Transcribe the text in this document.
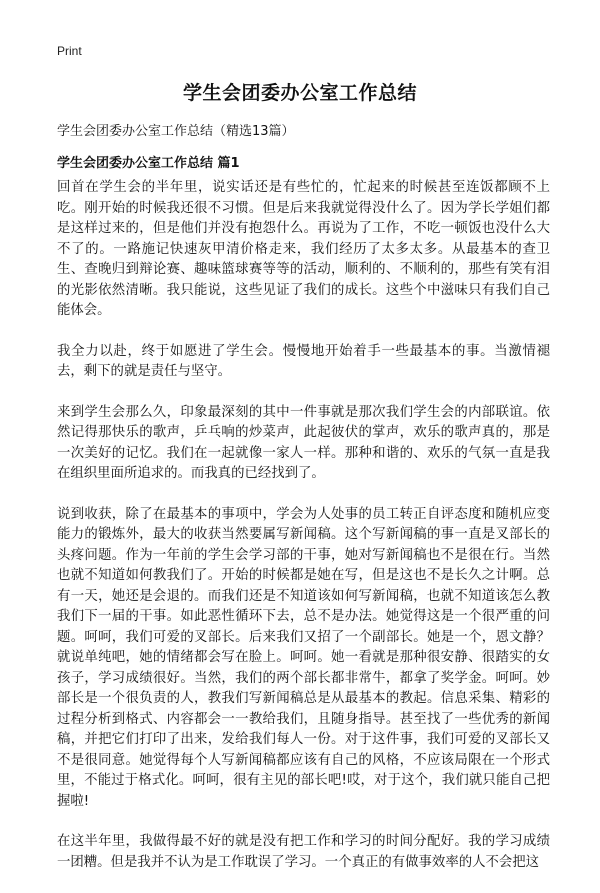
Print
学生会团委办公室工作总结
学生会团委办公室工作总结（精选13篇）
学生会团委办公室工作总结 篇1

回首在学生会的半年里，说实话还是有些忙的，忙起来的时候甚至连饭都顾不上吃。刚开始的时候我还很不习惯。但是后来我就觉得没什么了。因为学长学姐们都是这样过来的，但是他们并没有抱怨什么。再说为了工作，不吃一顿饭也没什么大不了的。一路施记快速灰甲清价格走来，我们经历了太多太多。从最基本的查卫生、查晚归到辩论赛、趣味篮球赛等等的活动，顺利的、不顺利的，那些有笑有泪的光影依然清晰。我只能说，这些见证了我们的成长。这些个中滋味只有我们自己能体会。

我全力以赴，终于如愿进了学生会。慢慢地开始着手一些最基本的事。当激情褪去，剩下的就是责任与坚守。

来到学生会那么久，印象最深刻的其中一件事就是那次我们学生会的内部联谊。依然记得那快乐的歌声，乒乓响的炒菜声，此起彼伏的掌声，欢乐的歌声真的，那是一次美好的记忆。我们在一起就像一家人一样。那种和谐的、欢乐的气氛一直是我在组织里面所追求的。而我真的已经找到了。

说到收获，除了在最基本的事项中，学会为人处事的员工转正自评态度和随机应变能力的锻炼外，最大的收获当然要属写新闻稿。这个写新闻稿的事一直是叉部长的头疼问题。作为一年前的学生会学习部的干事，她对写新闻稿也不是很在行。当然也就不知道如何教我们了。开始的时候都是她在写，但是这也不是长久之计啊。总有一天，她还是会退的。而我们还是不知道该如何写新闻稿，也就不知道该怎么教我们下一届的干事。如此恶性循环下去，总不是办法。她觉得这是一个很严重的问题。呵呵，我们可爱的叉部长。后来我们又招了一个副部长。她是一个，恩文静？就说单纯吧，她的情绪都会写在脸上。呵呵。她一看就是那种很安静、很踏实的女孩子，学习成绩很好。当然，我们的两个部长都非常牛，都拿了奖学金。呵呵。妙部长是一个很负责的人，教我们写新闻稿总是从最基本的教起。信息采集、精彩的过程分析到格式、内容都会一一教给我们，且随身指导。甚至找了一些优秀的新闻稿，并把它们打印了出来，发给我们每人一份。对于这件事，我们可爱的叉部长又不是很同意。她觉得每个人写新闻稿都应该有自己的风格，不应该局限在一个形式里，不能过于格式化。呵呵，很有主见的部长吧!哎，对于这个，我们就只能自己把握啦!

在这半年里，我做得最不好的就是没有把工作和学习的时间分配好。我的学习成绩一团糟。但是我并不认为是工作耽误了学习。一个真正的有做事效率的人不会把这
